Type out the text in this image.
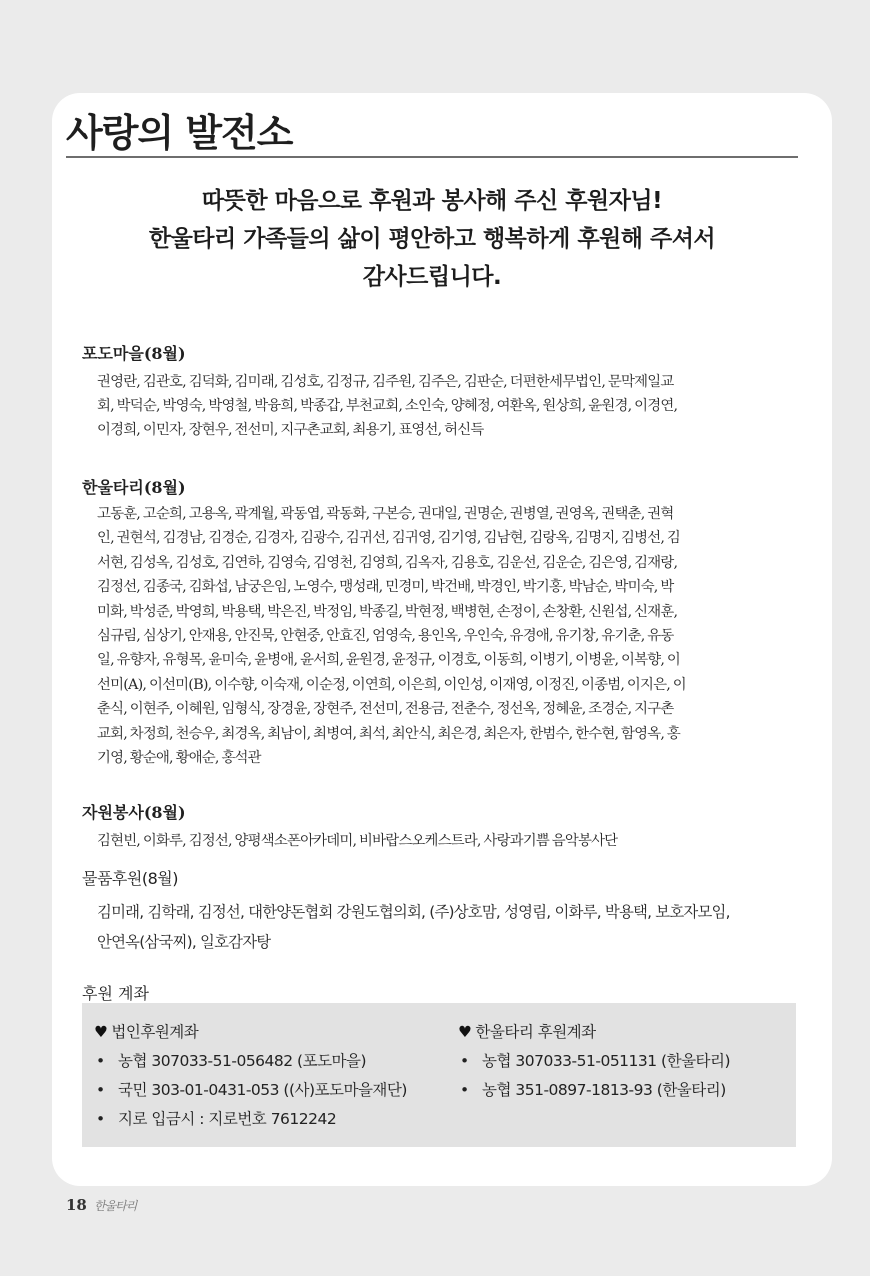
사랑의 발전소
따뜻한 마음으로 후원과 봉사해 주신 후원자님!
한울타리 가족들의 삶이 평안하고 행복하게 후원해 주셔서
감사드립니다.
포도마을(8월)
권영란, 김관호, 김덕화, 김미래, 김성호, 김정규, 김주원, 김주은, 김판순, 더편한세무법인, 문막제일교
회, 박덕순, 박영숙, 박영철, 박융희, 박종갑, 부천교회, 소인숙, 양혜정, 여환옥, 원상희, 윤원경, 이경연,
이경희, 이민자, 장현우, 전선미, 지구촌교회, 최용기, 표영선, 허신득
한울타리(8월)
고동훈, 고순희, 고용옥, 곽계월, 곽동엽, 곽동화, 구본승, 권대일, 권명순, 권병열, 권영옥, 권택춘, 권혁
인, 권현석, 김경남, 김경순, 김경자, 김광수, 김귀선, 김귀영, 김기영, 김남현, 김랑옥, 김명지, 김병선, 김
서현, 김성옥, 김성호, 김연하, 김영숙, 김영천, 김영희, 김옥자, 김용호, 김운선, 김운순, 김은영, 김재랑,
김정선, 김종국, 김화섭, 남궁은임, 노영수, 맹성래, 민경미, 박건배, 박경인, 박기홍, 박남순, 박미숙, 박
미화, 박성준, 박영희, 박용택, 박은진, 박정임, 박종길, 박현정, 백병현, 손정이, 손창환, 신원섭, 신재훈,
심규림, 심상기, 안재용, 안진묵, 안현중, 안효진, 엄영숙, 용인옥, 우인숙, 유경애, 유기창, 유기춘, 유동
일, 유향자, 유형목, 윤미숙, 윤병애, 윤서희, 윤원경, 윤정규, 이경호, 이동희, 이병기, 이병윤, 이복향, 이
선미(A), 이선미(B), 이수향, 이숙재, 이순정, 이연희, 이은희, 이인성, 이재영, 이정진, 이종범, 이지은, 이
춘식, 이현주, 이혜원, 임형식, 장경윤, 장현주, 전선미, 전용금, 전춘수, 정선옥, 정혜윤, 조경순, 지구촌
교회, 차정희, 천승우, 최경옥, 최남이, 최병여, 최석, 최안식, 최은경, 최은자, 한범수, 한수현, 함영옥, 홍
기영, 황순애, 황애순, 홍석관
자원봉사(8월)
김현빈, 이화루, 김정선, 양평색소폰아카데미, 비바랍스오케스트라, 사랑과기쁨 음악봉사단
물품후원(8월)
김미래, 김학래, 김정선, 대한양돈협회 강원도협의회, (주)상호맘, 성영림, 이화루, 박용택, 보호자모임,
안연옥(삼국찌), 일호감자탕
후원 계좌
♥ 법인후원계좌
• 농협 307033-51-056482 (포도마을)
• 국민 303-01-0431-053 ((사)포도마을재단)
• 지로 입금시 : 지로번호 7612242
♥ 한울타리 후원계좌
• 농협 307033-51-051131 (한울타리)
• 농협 351-0897-1813-93 (한울타리)
18 한울타리
